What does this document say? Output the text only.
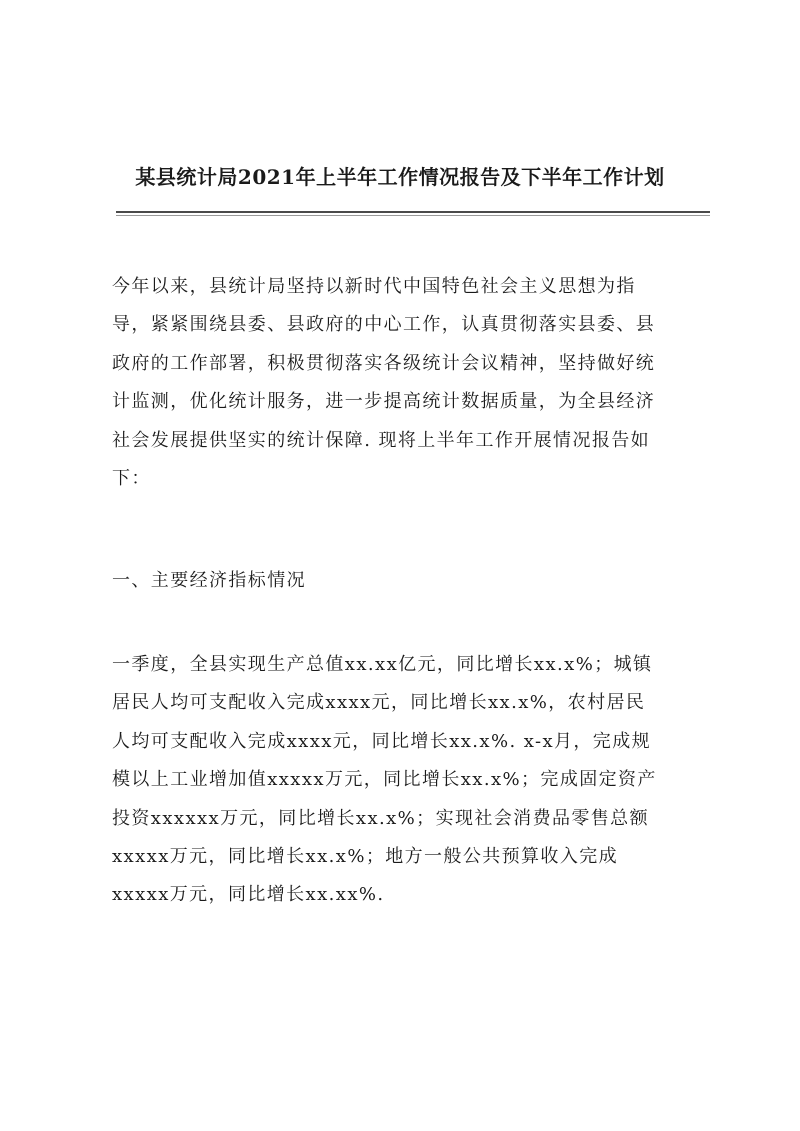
某县统计局2021年上半年工作情况报告及下半年工作计划
今年以来，县统计局坚持以新时代中国特色社会主义思想为指
导，紧紧围绕县委、县政府的中心工作，认真贯彻落实县委、县
政府的工作部署，积极贯彻落实各级统计会议精神，坚持做好统
计监测，优化统计服务，进一步提高统计数据质量，为全县经济
社会发展提供坚实的统计保障. 现将上半年工作开展情况报告如
下：
一、主要经济指标情况
一季度，全县实现生产总值xx.xx亿元，同比增长xx.x%；城镇
居民人均可支配收入完成xxxx元，同比增长xx.x%，农村居民
人均可支配收入完成xxxx元，同比增长xx.x%. x-x月，完成规
模以上工业增加值xxxxx万元，同比增长xx.x%；完成固定资产
投资xxxxxx万元，同比增长xx.x%；实现社会消费品零售总额
xxxxx万元，同比增长xx.x%；地方一般公共预算收入完成
xxxxx万元，同比增长xx.xx%.
